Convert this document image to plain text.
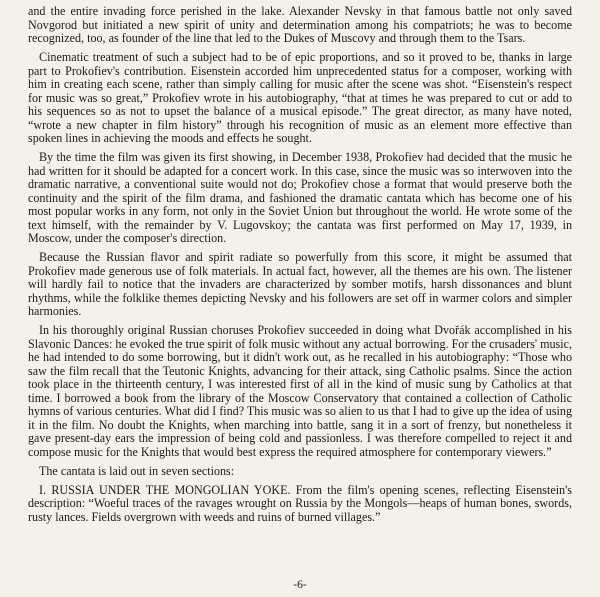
and the entire invading force perished in the lake. Alexander Nevsky in that famous battle not only saved Novgorod but initiated a new spirit of unity and determination among his compatriots; he was to become recognized, too, as founder of the line that led to the Dukes of Muscovy and through them to the Tsars.

Cinematic treatment of such a subject had to be of epic proportions, and so it proved to be, thanks in large part to Prokofiev's contribution. Eisenstein accorded him unprecedented status for a composer, working with him in creating each scene, rather than simply calling for music after the scene was shot. “Eisenstein's respect for music was so great,” Prokofiev wrote in his autobiography, “that at times he was prepared to cut or add to his sequences so as not to upset the balance of a musical episode.” The great director, as many have noted, “wrote a new chapter in film history” through his recognition of music as an element more effective than spoken lines in achieving the moods and effects he sought.

By the time the film was given its first showing, in December 1938, Prokofiev had decided that the music he had written for it should be adapted for a concert work. In this case, since the music was so interwoven into the dramatic narrative, a conventional suite would not do; Prokofiev chose a format that would preserve both the continuity and the spirit of the film drama, and fashioned the dramatic cantata which has become one of his most popular works in any form, not only in the Soviet Union but throughout the world. He wrote some of the text himself, with the remainder by V. Lugovskoy; the cantata was first performed on May 17, 1939, in Moscow, under the composer's direction.

Because the Russian flavor and spirit radiate so powerfully from this score, it might be assumed that Prokofiev made generous use of folk materials. In actual fact, however, all the themes are his own. The listener will hardly fail to notice that the invaders are characterized by somber motifs, harsh dissonances and blunt rhythms, while the folklike themes depicting Nevsky and his followers are set off in warmer colors and simpler harmonies.

In his thoroughly original Russian choruses Prokofiev succeeded in doing what Dvořák accomplished in his Slavonic Dances: he evoked the true spirit of folk music without any actual borrowing. For the crusaders' music, he had intended to do some borrowing, but it didn't work out, as he recalled in his autobiography: “Those who saw the film recall that the Teutonic Knights, advancing for their attack, sing Catholic psalms. Since the action took place in the thirteenth century, I was interested first of all in the kind of music sung by Catholics at that time. I borrowed a book from the library of the Moscow Conservatory that contained a collection of Catholic hymns of various centuries. What did I find? This music was so alien to us that I had to give up the idea of using it in the film. No doubt the Knights, when marching into battle, sang it in a sort of frenzy, but nonetheless it gave present-day ears the impression of being cold and passionless. I was therefore compelled to reject it and compose music for the Knights that would best express the required atmosphere for contemporary viewers.”

The cantata is laid out in seven sections:

I. RUSSIA UNDER THE MONGOLIAN YOKE. From the film's opening scenes, reflecting Eisenstein's description: “Woeful traces of the ravages wrought on Russia by the Mongols—heaps of human bones, swords, rusty lances. Fields overgrown with weeds and ruins of burned villages.”

-6-
